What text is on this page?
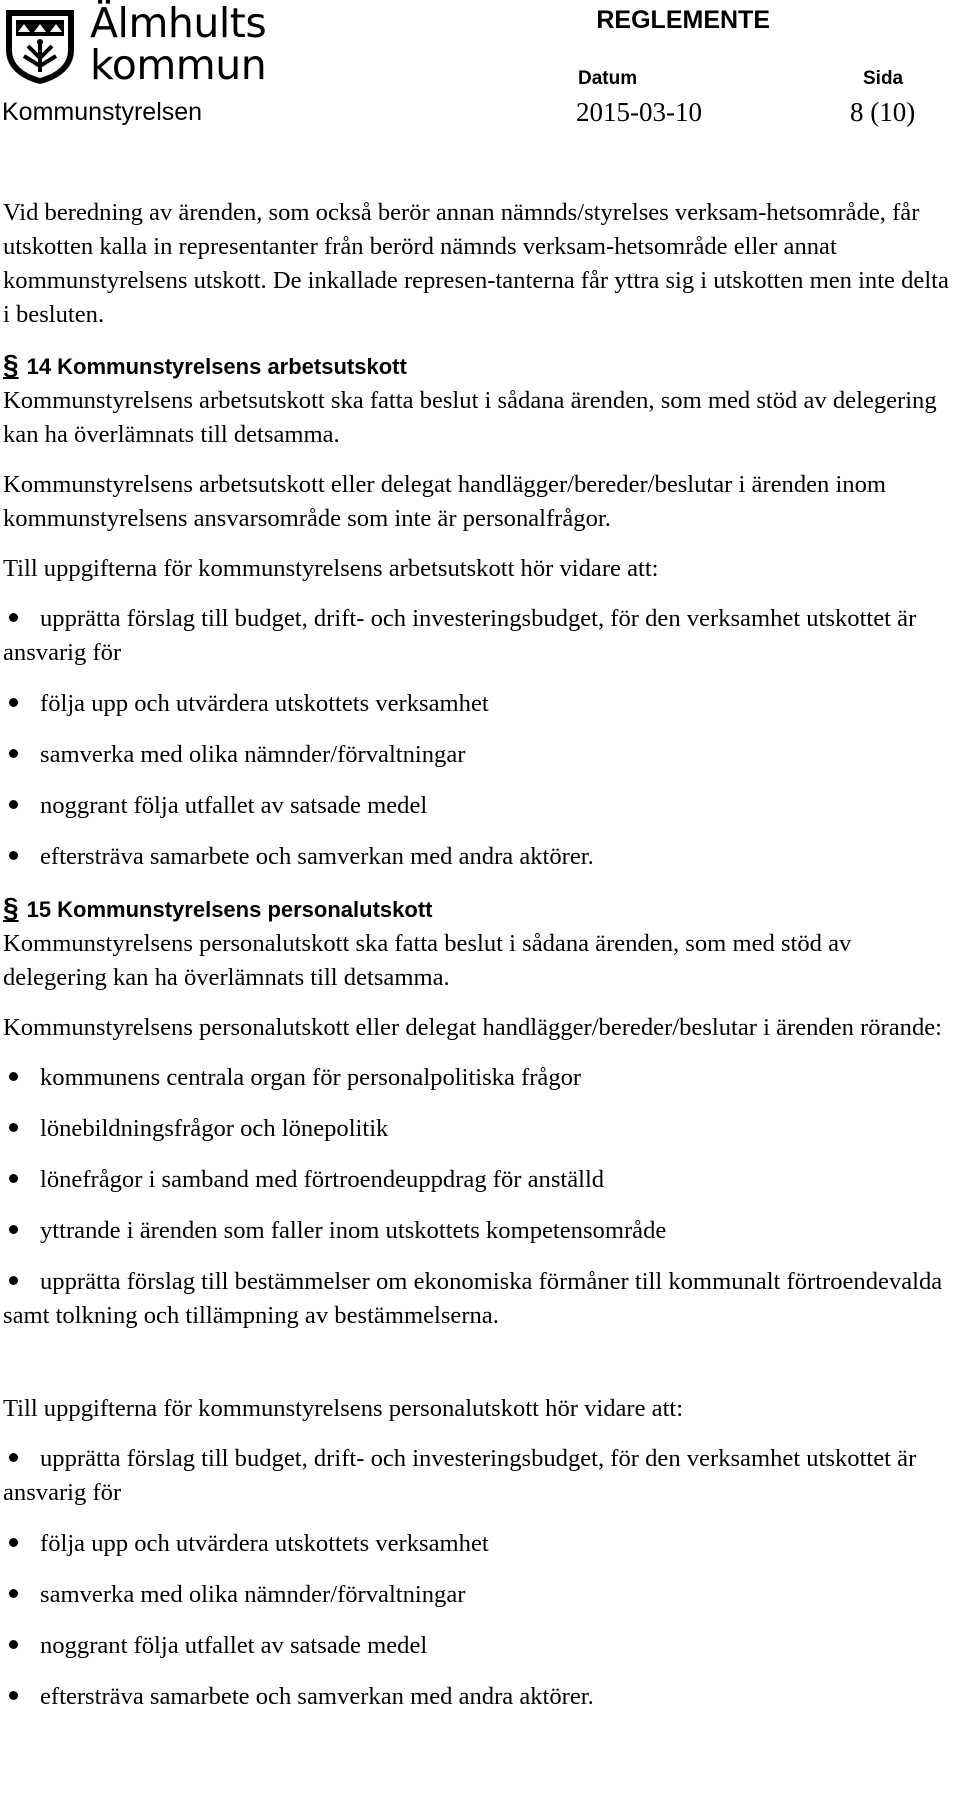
Älmhults
kommun
REGLEMENTE
Datum	Sida
Kommunstyrelsen	2015-03-10	8 (10)

Vid beredning av ärenden, som också berör annan nämnds/styrelses verksam-hetsområde, får utskotten kalla in representanter från berörd nämnds verksam-hetsområde eller annat kommunstyrelsens utskott. De inkallade represen-tanterna får yttra sig i utskotten men inte delta i besluten.

§ 14 Kommunstyrelsens arbetsutskott

Kommunstyrelsens arbetsutskott ska fatta beslut i sådana ärenden, som med stöd av delegering kan ha överlämnats till detsamma.

Kommunstyrelsens arbetsutskott eller delegat handlägger/bereder/beslutar i ärenden inom kommunstyrelsens ansvarsområde som inte är personalfrågor.

Till uppgifterna för kommunstyrelsens arbetsutskott hör vidare att:

upprätta förslag till budget, drift- och investeringsbudget, för den verksamhet utskottet är ansvarig för
följa upp och utvärdera utskottets verksamhet
samverka med olika nämnder/förvaltningar
noggrant följa utfallet av satsade medel
eftersträva samarbete och samverkan med andra aktörer.
§ 15 Kommunstyrelsens personalutskott

Kommunstyrelsens personalutskott ska fatta beslut i sådana ärenden, som med stöd av delegering kan ha överlämnats till detsamma.

Kommunstyrelsens personalutskott eller delegat handlägger/bereder/beslutar i ärenden rörande:

kommunens centrala organ för personalpolitiska frågor
lönebildningsfrågor och lönepolitik
lönefrågor i samband med förtroendeuppdrag för anställd
yttrande i ärenden som faller inom utskottets kompetensområde
upprätta förslag till bestämmelser om ekonomiska förmåner till kommunalt förtroendevalda samt tolkning och tillämpning av bestämmelserna.

Till uppgifterna för kommunstyrelsens personalutskott hör vidare att:

upprätta förslag till budget, drift- och investeringsbudget, för den verksamhet utskottet är ansvarig för
följa upp och utvärdera utskottets verksamhet
samverka med olika nämnder/förvaltningar
noggrant följa utfallet av satsade medel
eftersträva samarbete och samverkan med andra aktörer.
